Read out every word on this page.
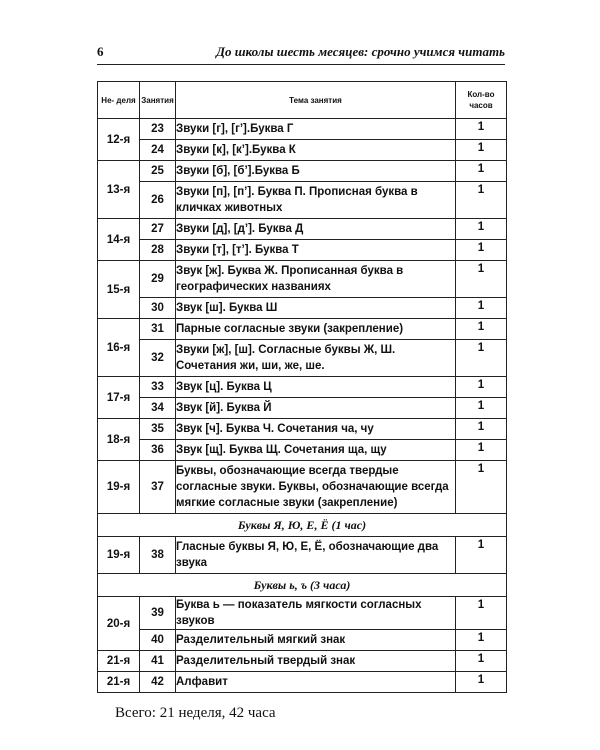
6	До школы шесть месяцев: срочно учимся читать
Не- деля	Занятия	Тема занятия	Кол-во часов
12-я	23	Звуки [г], [г’].Буква Г	1
	24	Звуки [к], [к’].Буква К	1
13-я	25	Звуки [б], [б’].Буква Б	1
	26	Звуки [п], [п’]. Буква П. Прописная буква в кличках животных	1
14-я	27	Звуки [д], [д’]. Буква Д	1
	28	Звуки [т], [т’]. Буква Т	1
15-я	29	Звук [ж]. Буква Ж. Прописанная буква в географических названиях	1
	30	Звук [ш]. Буква Ш	1
16-я	31	Парные согласные звуки (закрепление)	1
	32	Звуки [ж], [ш]. Согласные буквы Ж, Ш. Сочетания жи, ши, же, ше.	1
17-я	33	Звук [ц]. Буква Ц	1
	34	Звук [й]. Буква Й	1
18-я	35	Звук [ч]. Буква Ч. Сочетания ча, чу	1
	36	Звук [щ]. Буква Щ. Сочетания ща, щу	1
19-я	37	Буквы, обозначающие всегда твердые согласные звуки. Буквы, обозначающие всегда мягкие согласные звуки (закрепление)	1
Буквы Я, Ю, Е, Ё (1 час)			
19-я	38	Гласные буквы Я, Ю, Е, Ё, обозначающие два звука	1
Буквы ь, ъ (3 часа)			
20-я	39	Буква ь — показатель мягкости согласных звуков	1
	40	Разделительный мягкий знак	1
21-я	41	Разделительный твердый знак	1
21-я	42	Алфавит	1
Всего: 21 неделя, 42 часа
